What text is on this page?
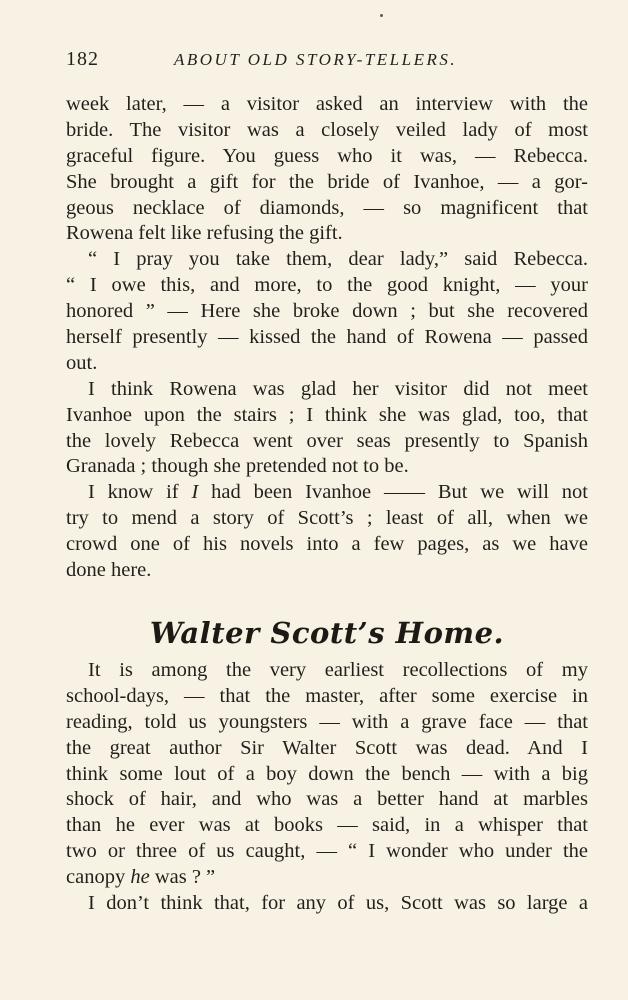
182	ABOUT OLD STORY-TELLERS.
week later, — a visitor asked an interview with the
bride. The visitor was a closely veiled lady of most
graceful figure. You guess who it was, — Rebecca.
She brought a gift for the bride of Ivanhoe, — a gor-
geous necklace of diamonds, — so magnificent that
Rowena felt like refusing the gift.
“ I pray you take them, dear lady,” said Rebecca.
“ I owe this, and more, to the good knight, — your
honored ” — Here she broke down ; but she recovered
herself presently — kissed the hand of Rowena — passed
out.
I think Rowena was glad her visitor did not meet
Ivanhoe upon the stairs ; I think she was glad, too, that
the lovely Rebecca went over seas presently to Spanish
Granada ; though she pretended not to be.
I know if I had been Ivanhoe —— But we will not
try to mend a story of Scott’s ; least of all, when we
crowd one of his novels into a few pages, as we have
done here.
Walter Scott’s Home.
It is among the very earliest recollections of my
school-days, — that the master, after some exercise in
reading, told us youngsters — with a grave face — that
the great author Sir Walter Scott was dead. And I
think some lout of a boy down the bench — with a big
shock of hair, and who was a better hand at marbles
than he ever was at books — said, in a whisper that
two or three of us caught, — “ I wonder who under the
canopy he was ? ”
I don’t think that, for any of us, Scott was so large a
